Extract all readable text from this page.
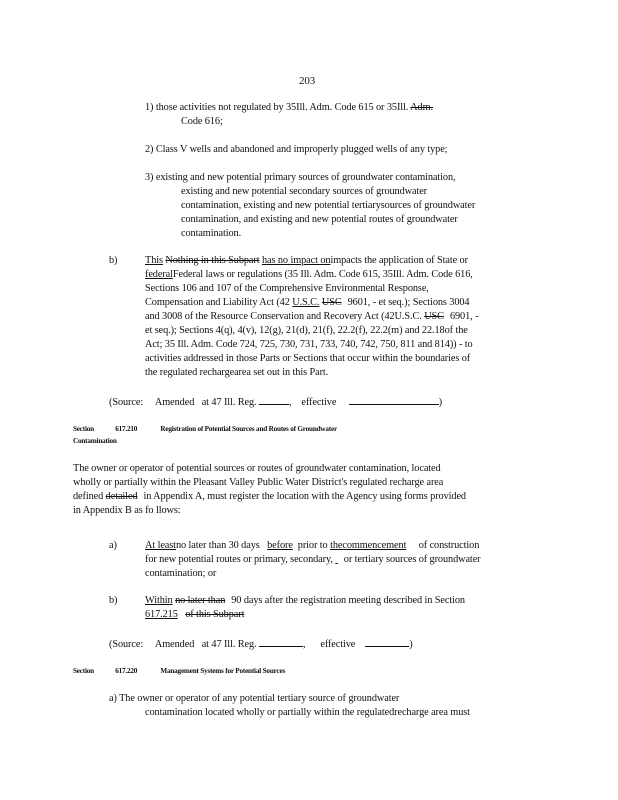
203
1) those activities not regulated by 35Ill. Adm. Code 615 or 35Ill. Adm.
Code 616;
2) Class V wells and abandoned and improperly plugged wells of any type;
3) existing and new potential primary sources of groundwater contamination,
existing and new potential secondary sources of groundwater
contamination, existing and new potential tertiarysources of groundwater
contamination, and existing and new potential routes of groundwater
contamination.
b)	This Nothing in this Subpart has no impact onimpacts the application of State or
federalFederal laws or regulations (35 Ill. Adm. Code 615, 35Ill. Adm. Code 616,
Sections 106 and 107 of the Comprehensive Environmental Response,
Compensation and Liability Act (42 U.S.C. USC 9601, - et seq.); Sections 3004
and 3008 of the Resource Conservation and Recovery Act (42U.S.C. USC 6901, -
et seq.); Sections 4(q), 4(v), 12(g), 21(d), 21(f), 22.2(f), 22.2(m) and 22.18of the
Act; 35 Ill. Adm. Code 724, 725, 730, 731, 733, 740, 742, 750, 811 and 814)) - to
activities addressed in those Parts or Sections that occur within the boundaries of
the regulated rechargearea set out in this Part.
(Source: Amended at 47 Ill. Reg.	, effective	)
Section	617.210	Registration of Potential Sources and Routes of Groundwater
Contamination
The owner or operator of potential sources or routes of groundwater contamination, located
wholly or partially within the Pleasant Valley Public Water District's regulated recharge area
defined detailed in Appendix A, must register the location with the Agency using forms provided
in Appendix B as fo llows:
a)	At leastno later than 30 days before prior to thecommencement of construction
for new potential routes or primary, secondary, or tertiary sources of groundwater
contamination; or
b)	Within no later than 90 days after the registration meeting described in Section
617.215 of this Subpart
(Source: Amended at 47 Ill. Reg.	, effective	)
Section	617.220	Management Systems for Potential Sources
a) The owner or operator of any potential tertiary source of groundwater
contamination located wholly or partially within the regulatedrecharge area must
